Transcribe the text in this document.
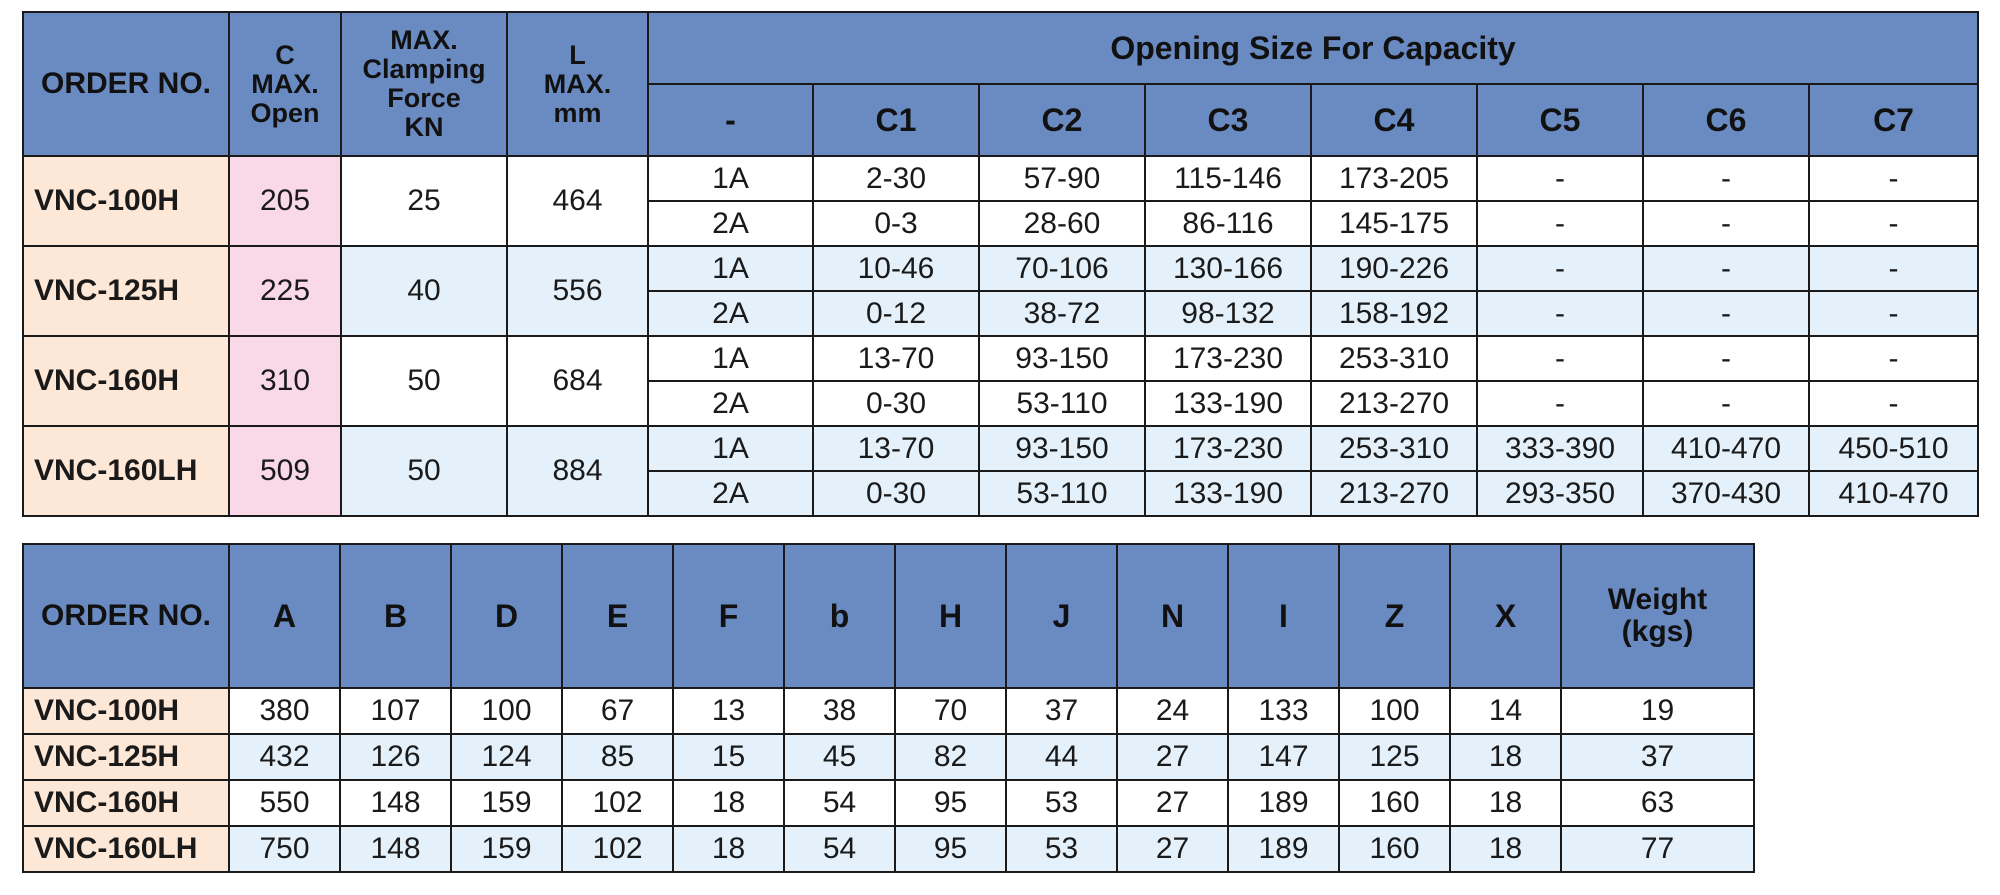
ORDER NO.	C
MAX.
Open	MAX.
Clamping
Force
KN	L
MAX.
mm	Opening Size For Capacity							
				-	C1	C2	C3	C4	C5	C6	C7
VNC-100H	205	25	464	1A	2-30	57-90	115-146	173-205	-	-	-
				2A	0-3	28-60	86-116	145-175	-	-	-
VNC-125H	225	40	556	1A	10-46	70-106	130-166	190-226	-	-	-
				2A	0-12	38-72	98-132	158-192	-	-	-
VNC-160H	310	50	684	1A	13-70	93-150	173-230	253-310	-	-	-
				2A	0-30	53-110	133-190	213-270	-	-	-
VNC-160LH	509	50	884	1A	13-70	93-150	173-230	253-310	333-390	410-470	450-510
				2A	0-30	53-110	133-190	213-270	293-350	370-430	410-470
ORDER NO.	A	B	D	E	F	b	H	J	N	I	Z	X	Weight
(kgs)

VNC-100H	380	107	100	67	13	38	70	37	24	133	100	14	19
VNC-125H	432	126	124	85	15	45	82	44	27	147	125	18	37
VNC-160H	550	148	159	102	18	54	95	53	27	189	160	18	63
VNC-160LH	750	148	159	102	18	54	95	53	27	189	160	18	77
